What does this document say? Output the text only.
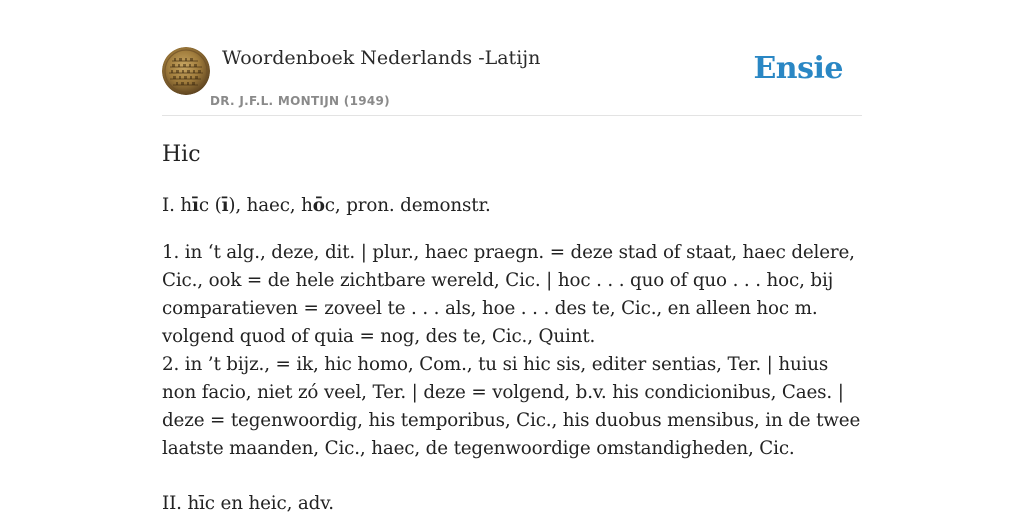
Woordenboek Nederlands -Latijn
DR. J.F.L. MONTIJN (1949)
Ensie
Hic
I. hīc (ī), haec, hōc, pron. demonstr.

1. in ‘t alg., deze, dit. | plur., haec praegn. = deze stad of staat, haec delere, Cic., ook = de hele zichtbare wereld, Cic. | hoc . . . quo of quo . . . hoc, bij comparatieven = zoveel te . . . als, hoe . . . des te, Cic., en alleen hoc m. volgend quod of quia = nog, des te, Cic., Quint.

2. in ’t bijz., = ik, hic homo, Com., tu si hic sis, editer sentias, Ter. | huius non facio, niet zó veel, Ter. | deze = volgend, b.v. his condicionibus, Caes. | deze = tegenwoordig, his temporibus, Cic., his duobus mensibus, in de twee laatste maanden, Cic., haec, de tegenwoordige omstandigheden, Cic.

II. hīc en heic, adv.
